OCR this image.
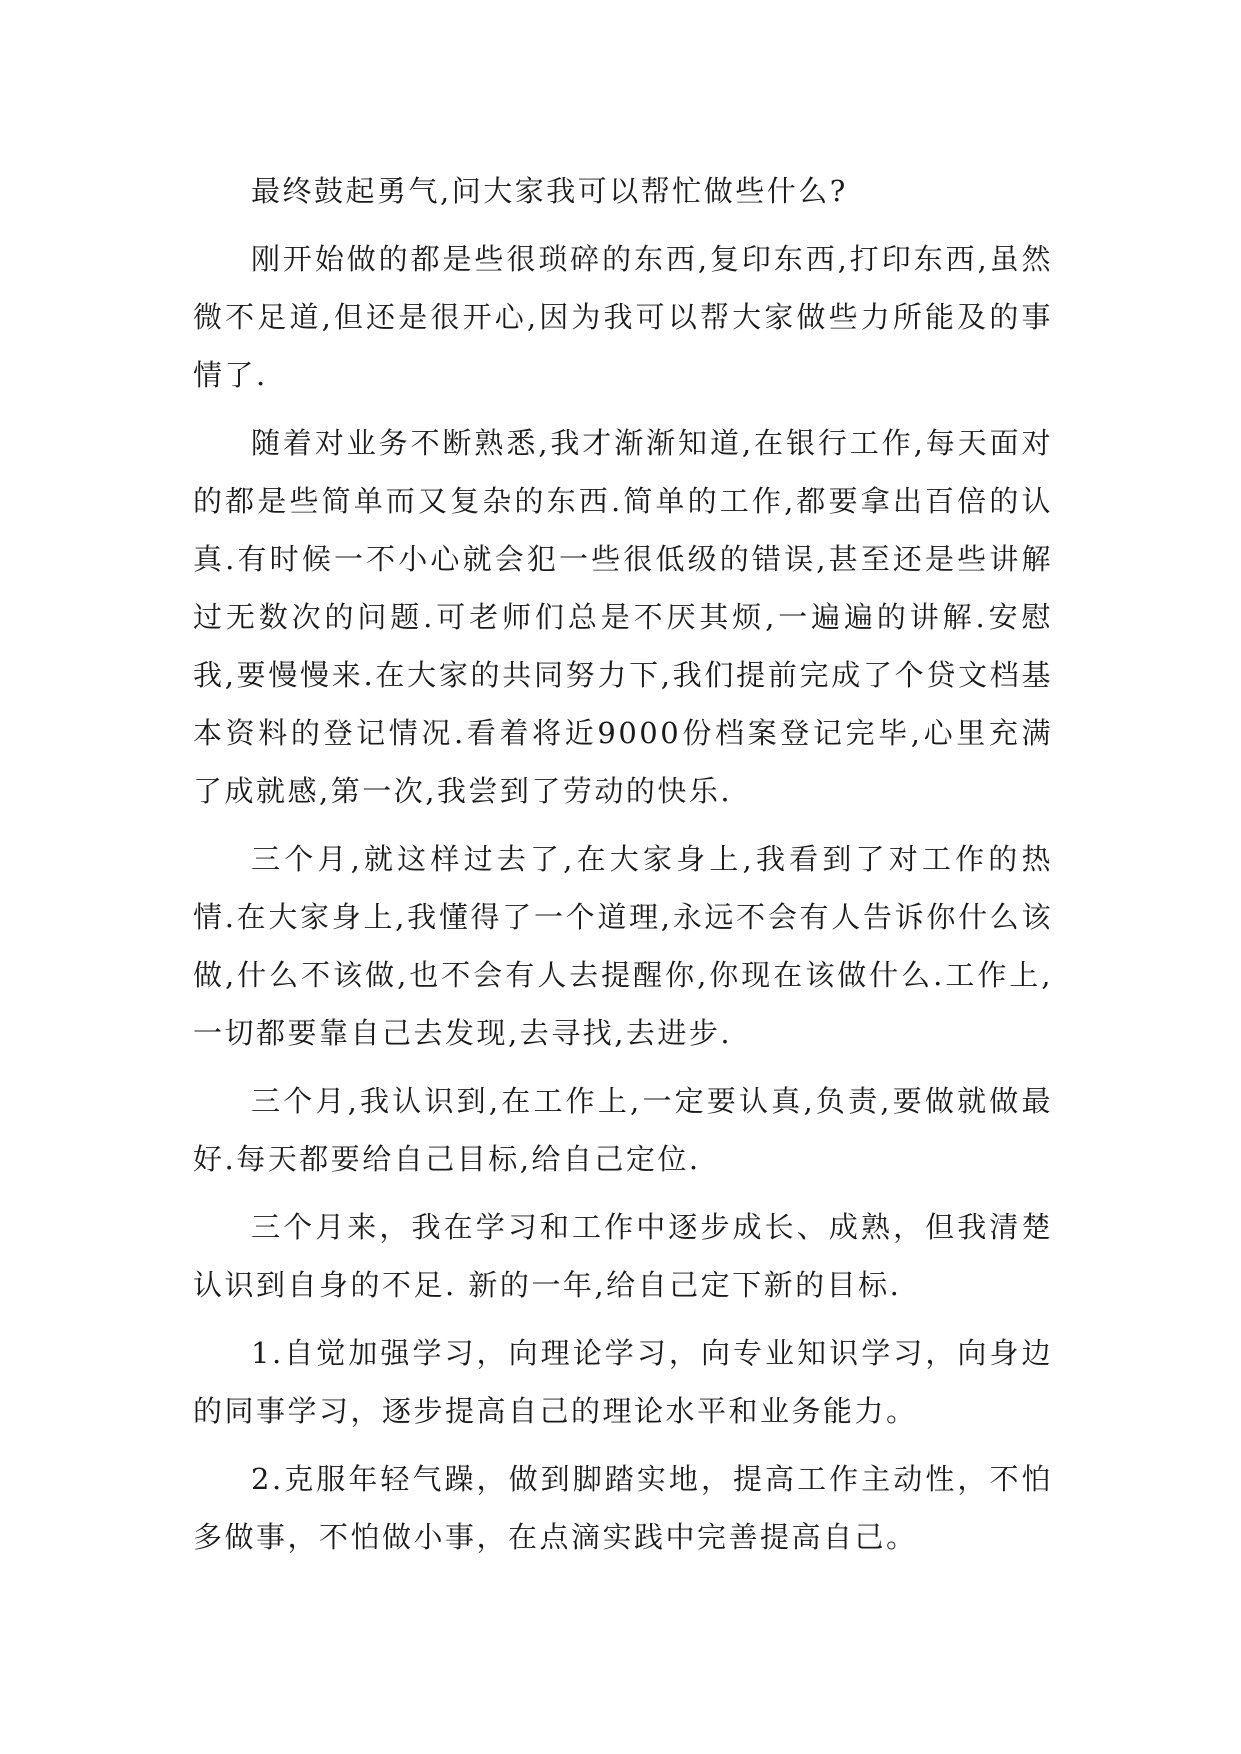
最终鼓起勇气,问大家我可以帮忙做些什么?

刚开始做的都是些很琐碎的东西,复印东西,打印东西,虽然微不足道,但还是很开心,因为我可以帮大家做些力所能及的事情了.

随着对业务不断熟悉,我才渐渐知道,在银行工作,每天面对的都是些简单而又复杂的东西.简单的工作,都要拿出百倍的认真.有时候一不小心就会犯一些很低级的错误,甚至还是些讲解过无数次的问题.可老师们总是不厌其烦,一遍遍的讲解.安慰我,要慢慢来.在大家的共同努力下,我们提前完成了个贷文档基本资料的登记情况.看着将近9000份档案登记完毕,心里充满了成就感,第一次,我尝到了劳动的快乐.

三个月,就这样过去了,在大家身上,我看到了对工作的热情.在大家身上,我懂得了一个道理,永远不会有人告诉你什么该做,什么不该做,也不会有人去提醒你,你现在该做什么.工作上,一切都要靠自己去发现,去寻找,去进步.

三个月,我认识到,在工作上,一定要认真,负责,要做就做最好.每天都要给自己目标,给自己定位.

三个月来，我在学习和工作中逐步成长、成熟，但我清楚认识到自身的不足. 新的一年,给自己定下新的目标.

1.自觉加强学习，向理论学习，向专业知识学习，向身边的同事学习，逐步提高自己的理论水平和业务能力。

2.克服年轻气躁，做到脚踏实地，提高工作主动性，不怕多做事，不怕做小事，在点滴实践中完善提高自己。
